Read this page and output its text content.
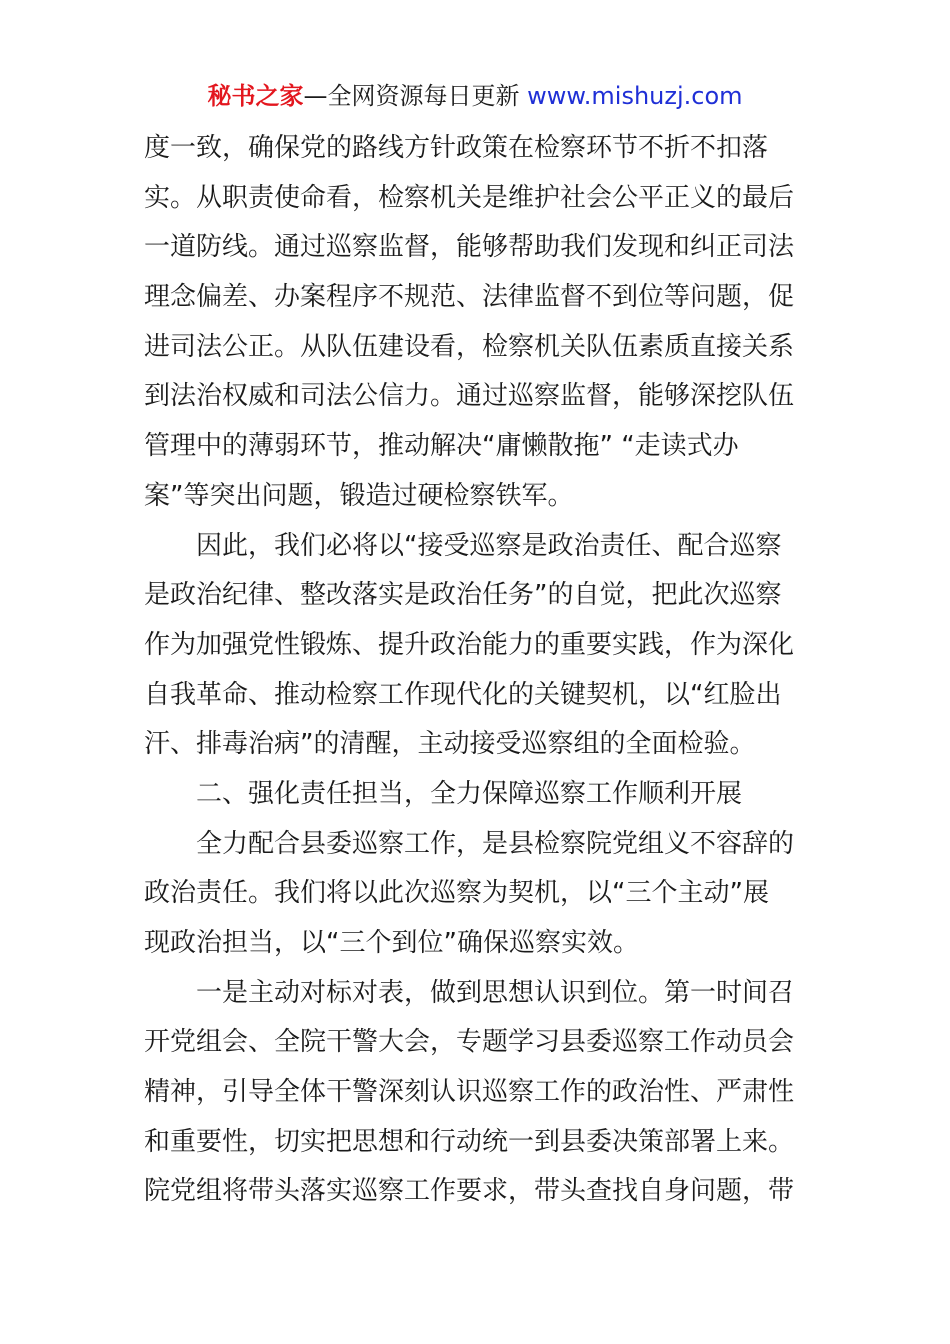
秘书之家—全网资源每日更新 www.mishuzj.com
度一致，确保党的路线方针政策在检察环节不折不扣落
实。从职责使命看，检察机关是维护社会公平正义的最后
一道防线。通过巡察监督，能够帮助我们发现和纠正司法
理念偏差、办案程序不规范、法律监督不到位等问题，促
进司法公正。从队伍建设看，检察机关队伍素质直接关系
到法治权威和司法公信力。通过巡察监督，能够深挖队伍
管理中的薄弱环节，推动解决“庸懒散拖” “走读式办
案”等突出问题，锻造过硬检察铁军。
因此，我们必将以“接受巡察是政治责任、配合巡察
是政治纪律、整改落实是政治任务”的自觉，把此次巡察
作为加强党性锻炼、提升政治能力的重要实践，作为深化
自我革命、推动检察工作现代化的关键契机，以“红脸出
汗、排毒治病”的清醒，主动接受巡察组的全面检验。
二、强化责任担当，全力保障巡察工作顺利开展
全力配合县委巡察工作，是县检察院党组义不容辞的
政治责任。我们将以此次巡察为契机，以“三个主动”展
现政治担当，以“三个到位”确保巡察实效。
一是主动对标对表，做到思想认识到位。第一时间召
开党组会、全院干警大会，专题学习县委巡察工作动员会
精神，引导全体干警深刻认识巡察工作的政治性、严肃性
和重要性，切实把思想和行动统一到县委决策部署上来。
院党组将带头落实巡察工作要求，带头查找自身问题，带
